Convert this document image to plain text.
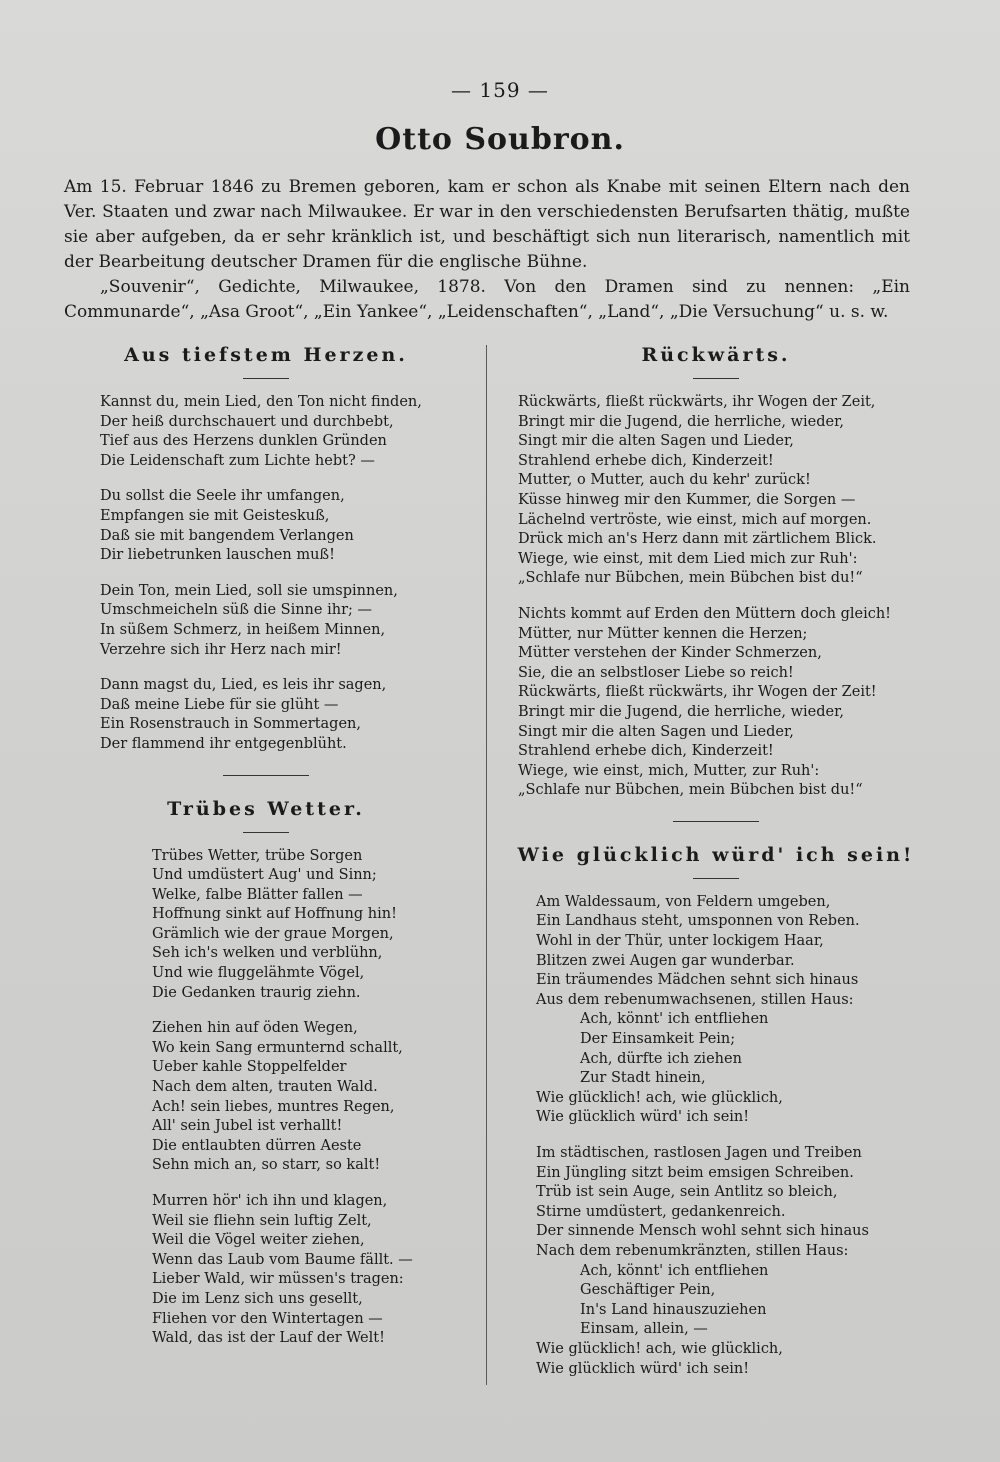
— 159 —
Otto Soubron.

Am 15. Februar 1846 zu Bremen geboren, kam er schon als Knabe mit seinen Eltern nach den Ver. Staaten und zwar nach Milwaukee. Er war in den verschiedensten Berufsarten thätig, mußte sie aber aufgeben, da er sehr kränklich ist, und beschäftigt sich nun literarisch, namentlich mit der Bearbeitung deutscher Dramen für die englische Bühne.

„Souvenir“, Gedichte, Milwaukee, 1878. Von den Dramen sind zu nennen: „Ein Communarde“, „Asa Groot“, „Ein Yankee“, „Leidenschaften“, „Land“, „Die Versuchung“ u. s. w.

Aus tiefstem Herzen.
Kannst du, mein Lied, den Ton nicht finden,
Der heiß durchschauert und durchbebt,
Tief aus des Herzens dunklen Gründen
Die Leidenschaft zum Lichte hebt? —
Du sollst die Seele ihr umfangen,
Empfangen sie mit Geisteskuß,
Daß sie mit bangendem Verlangen
Dir liebetrunken lauschen muß!
Dein Ton, mein Lied, soll sie umspinnen,
Umschmeicheln süß die Sinne ihr; —
In süßem Schmerz, in heißem Minnen,
Verzehre sich ihr Herz nach mir!
Dann magst du, Lied, es leis ihr sagen,
Daß meine Liebe für sie glüht —
Ein Rosenstrauch in Sommertagen,
Der flammend ihr entgegenblüht.
Trübes Wetter.
Trübes Wetter, trübe Sorgen
Und umdüstert Aug' und Sinn;
Welke, falbe Blätter fallen —
Hoffnung sinkt auf Hoffnung hin!
Grämlich wie der graue Morgen,
Seh ich's welken und verblühn,
Und wie fluggelähmte Vögel,
Die Gedanken traurig ziehn.
Ziehen hin auf öden Wegen,
Wo kein Sang ermunternd schallt,
Ueber kahle Stoppelfelder
Nach dem alten, trauten Wald.
Ach! sein liebes, muntres Regen,
All' sein Jubel ist verhallt!
Die entlaubten dürren Aeste
Sehn mich an, so starr, so kalt!
Murren hör' ich ihn und klagen,
Weil sie fliehn sein luftig Zelt,
Weil die Vögel weiter ziehen,
Wenn das Laub vom Baume fällt. —
Lieber Wald, wir müssen's tragen:
Die im Lenz sich uns gesellt,
Fliehen vor den Wintertagen —
Wald, das ist der Lauf der Welt!
Rückwärts.
Rückwärts, fließt rückwärts, ihr Wogen der Zeit,
Bringt mir die Jugend, die herrliche, wieder,
Singt mir die alten Sagen und Lieder,
Strahlend erhebe dich, Kinderzeit!
Mutter, o Mutter, auch du kehr' zurück!
Küsse hinweg mir den Kummer, die Sorgen —
Lächelnd vertröste, wie einst, mich auf morgen.
Drück mich an's Herz dann mit zärtlichem Blick.
Wiege, wie einst, mit dem Lied mich zur Ruh':
„Schlafe nur Bübchen, mein Bübchen bist du!“
Nichts kommt auf Erden den Müttern doch gleich!
Mütter, nur Mütter kennen die Herzen;
Mütter verstehen der Kinder Schmerzen,
Sie, die an selbstloser Liebe so reich!
Rückwärts, fließt rückwärts, ihr Wogen der Zeit!
Bringt mir die Jugend, die herrliche, wieder,
Singt mir die alten Sagen und Lieder,
Strahlend erhebe dich, Kinderzeit!
Wiege, wie einst, mich, Mutter, zur Ruh':
„Schlafe nur Bübchen, mein Bübchen bist du!“
Wie glücklich würd' ich sein!
Am Waldessaum, von Feldern umgeben,
Ein Landhaus steht, umsponnen von Reben.
Wohl in der Thür, unter lockigem Haar,
Blitzen zwei Augen gar wunderbar.
Ein träumendes Mädchen sehnt sich hinaus
Aus dem rebenumwachsenen, stillen Haus:
Ach, könnt' ich entfliehen
Der Einsamkeit Pein;
Ach, dürfte ich ziehen
Zur Stadt hinein,
Wie glücklich! ach, wie glücklich,
Wie glücklich würd' ich sein!
Im städtischen, rastlosen Jagen und Treiben
Ein Jüngling sitzt beim emsigen Schreiben.
Trüb ist sein Auge, sein Antlitz so bleich,
Stirne umdüstert, gedankenreich.
Der sinnende Mensch wohl sehnt sich hinaus
Nach dem rebenumkränzten, stillen Haus:
Ach, könnt' ich entfliehen
Geschäftiger Pein,
In's Land hinauszuziehen
Einsam, allein, —
Wie glücklich! ach, wie glücklich,
Wie glücklich würd' ich sein!
